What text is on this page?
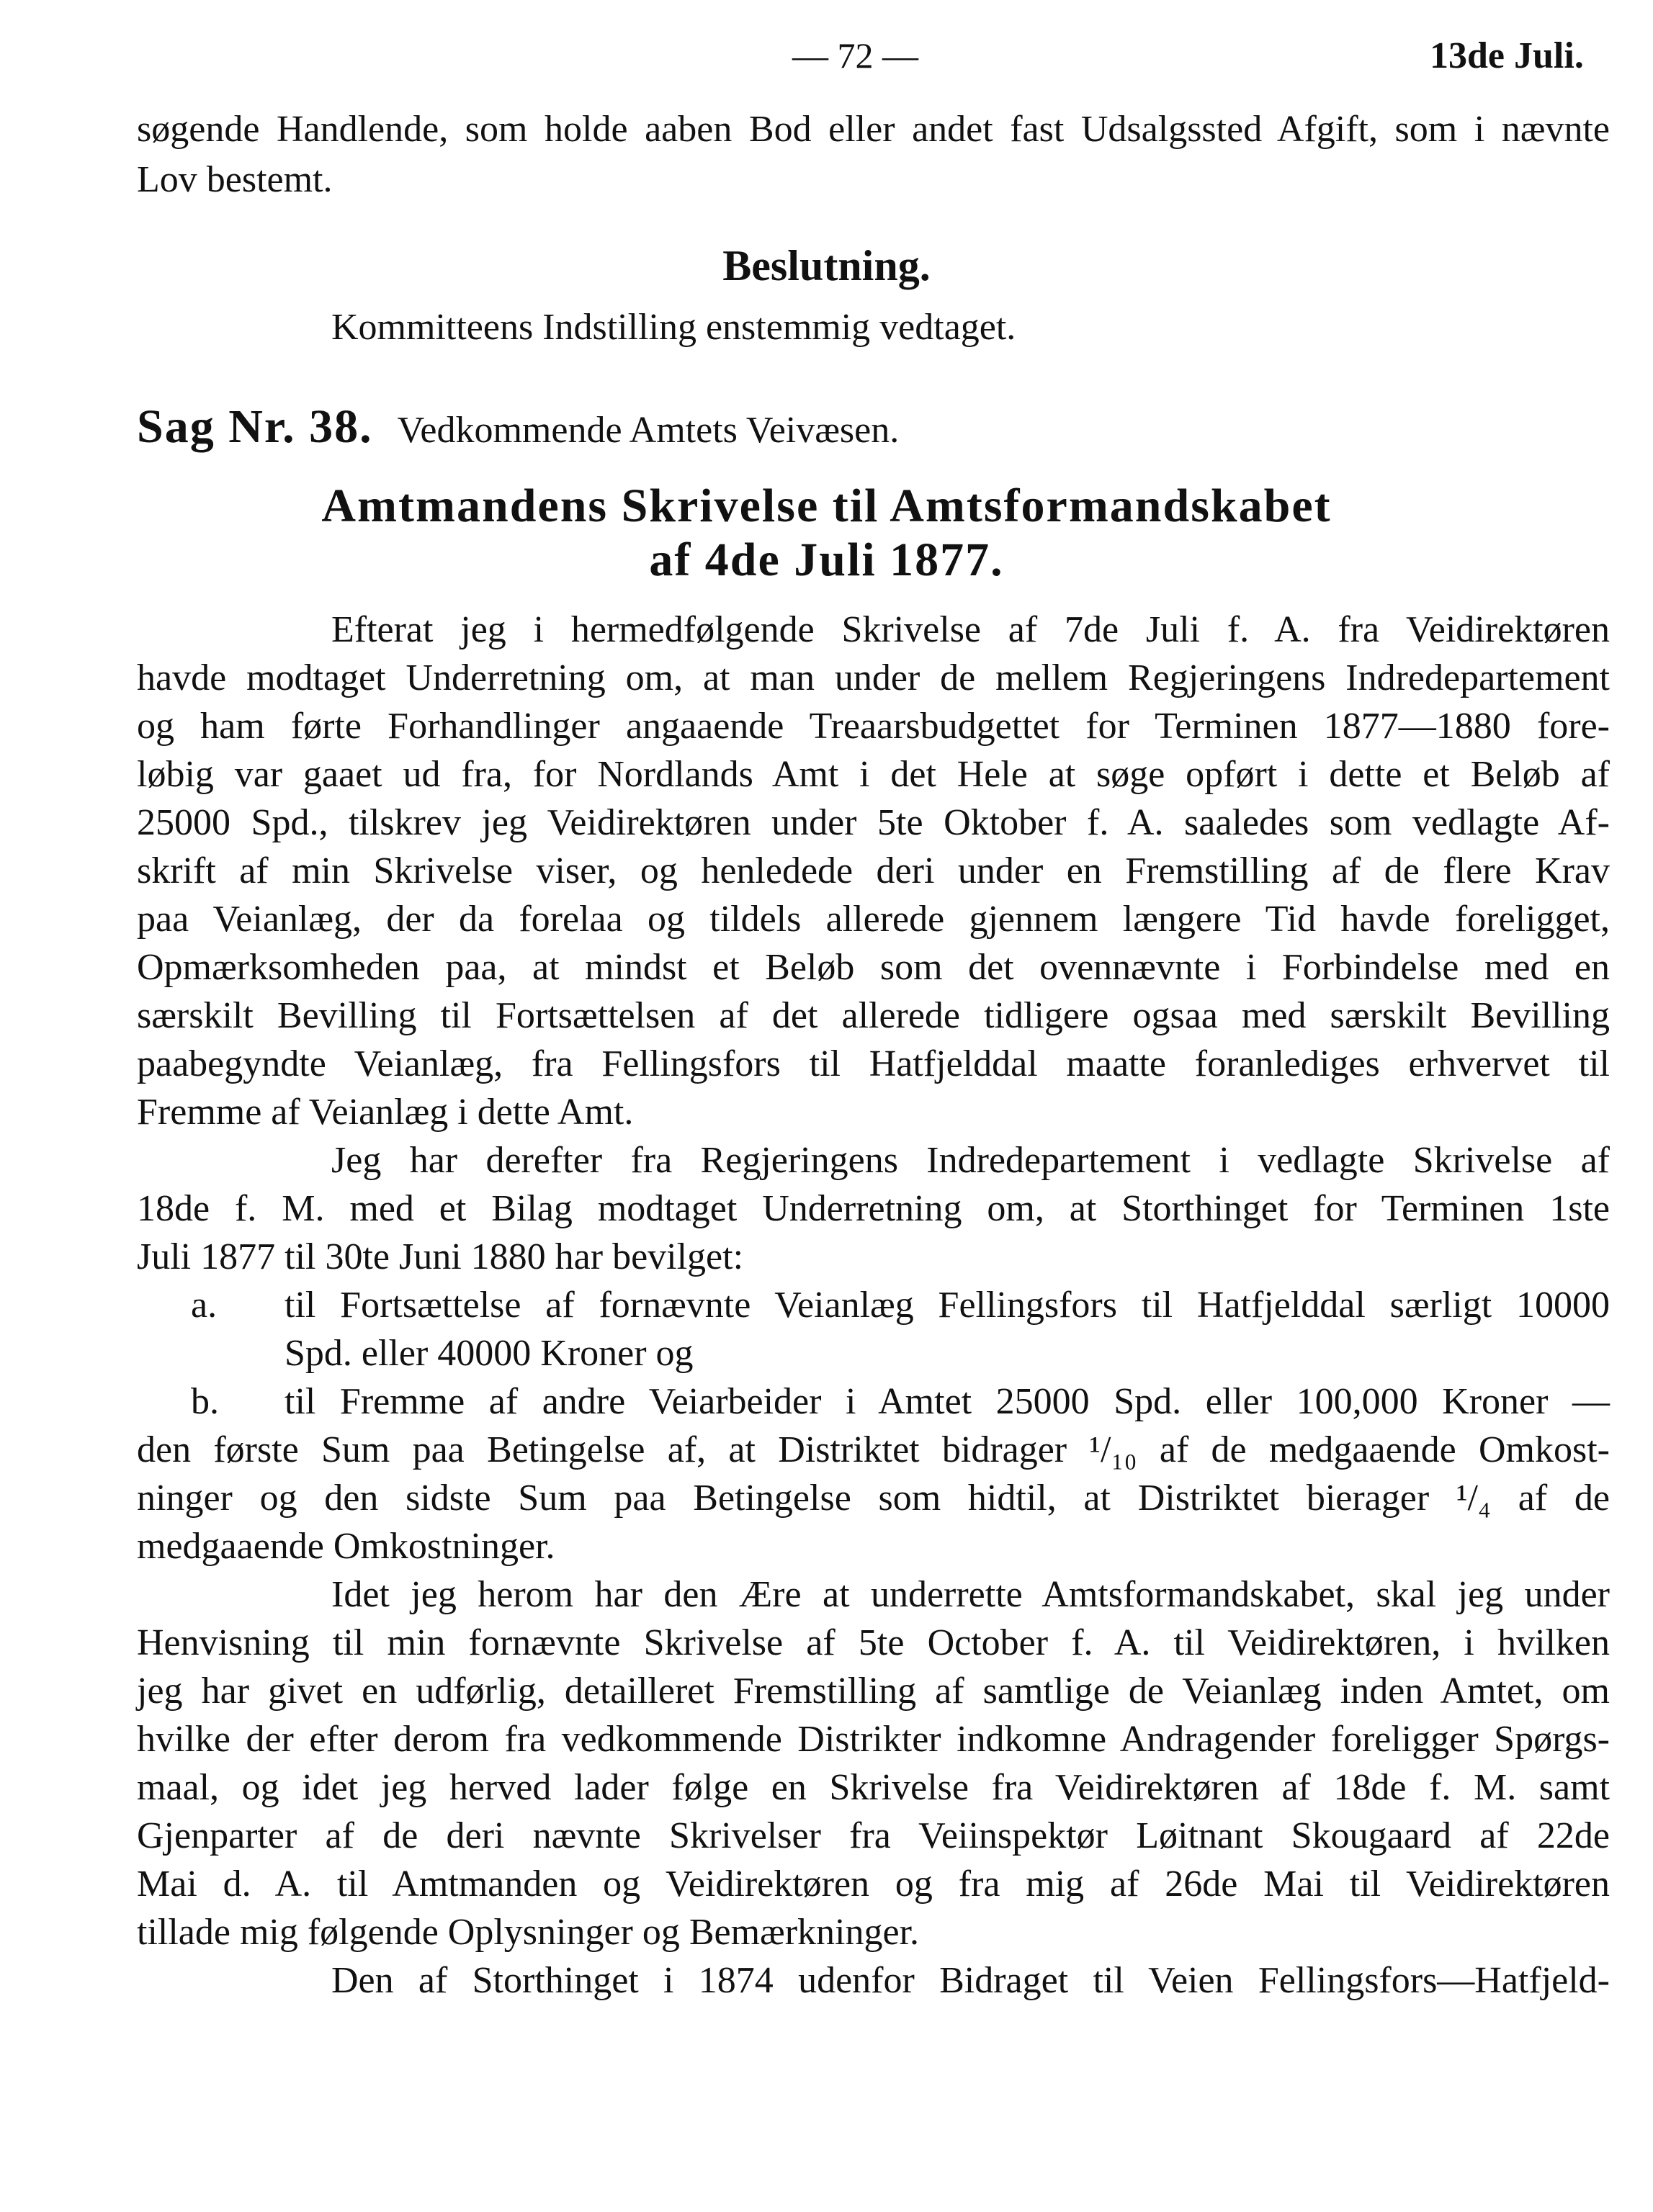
— 72 —	13de Juli.
søgende Handlende, som holde aaben Bod eller andet fast Udsalgssted Afgift, som i nævnte
Lov bestemt.
Beslutning.
Kommitteens Indstilling enstemmig vedtaget.
Sag Nr. 38. Vedkommende Amtets Veivæsen.
Amtmandens Skrivelse til Amtsformandskabet
af 4de Juli 1877.
Efterat jeg i hermedfølgende Skrivelse af 7de Juli f. A. fra Veidirektøren
havde modtaget Underretning om, at man under de mellem Regjeringens Indredepartement
og ham førte Forhandlinger angaaende Treaarsbudgettet for Terminen 1877—1880 fore-
løbig var gaaet ud fra, for Nordlands Amt i det Hele at søge opført i dette et Beløb af
25000 Spd., tilskrev jeg Veidirektøren under 5te Oktober f. A. saaledes som vedlagte Af-
skrift af min Skrivelse viser, og henledede deri under en Fremstilling af de flere Krav
paa Veianlæg, der da forelaa og tildels allerede gjennem længere Tid havde foreligget,
Opmærksomheden paa, at mindst et Beløb som det ovennævnte i Forbindelse med en
særskilt Bevilling til Fortsættelsen af det allerede tidligere ogsaa med særskilt Bevilling
paabegyndte Veianlæg, fra Fellingsfors til Hatfjelddal maatte foranlediges erhvervet til
Fremme af Veianlæg i dette Amt.
Jeg har derefter fra Regjeringens Indredepartement i vedlagte Skrivelse af
18de f. M. med et Bilag modtaget Underretning om, at Storthinget for Terminen 1ste
Juli 1877 til 30te Juni 1880 har bevilget:
a. til Fortsættelse af fornævnte Veianlæg Fellingsfors til Hatfjelddal særligt 10000
Spd. eller 40000 Kroner og
b. til Fremme af andre Veiarbeider i Amtet 25000 Spd. eller 100,000 Kroner —
den første Sum paa Betingelse af, at Distriktet bidrager ¹/₁₀ af de medgaaende Omkost-
ninger og den sidste Sum paa Betingelse som hidtil, at Distriktet bierager ¹/₄ af de
medgaaende Omkostninger.
Idet jeg herom har den Ære at underrette Amtsformandskabet, skal jeg under
Henvisning til min fornævnte Skrivelse af 5te October f. A. til Veidirektøren, i hvilken
jeg har givet en udførlig, detailleret Fremstilling af samtlige de Veianlæg inden Amtet, om
hvilke der efter derom fra vedkommende Distrikter indkomne Andragender foreligger Spørgs-
maal, og idet jeg herved lader følge en Skrivelse fra Veidirektøren af 18de f. M. samt
Gjenparter af de deri nævnte Skrivelser fra Veiinspektør Løitnant Skougaard af 22de
Mai d. A. til Amtmanden og Veidirektøren og fra mig af 26de Mai til Veidirektøren
tillade mig følgende Oplysninger og Bemærkninger.
Den af Storthinget i 1874 udenfor Bidraget til Veien Fellingsfors—Hatfjeld-
